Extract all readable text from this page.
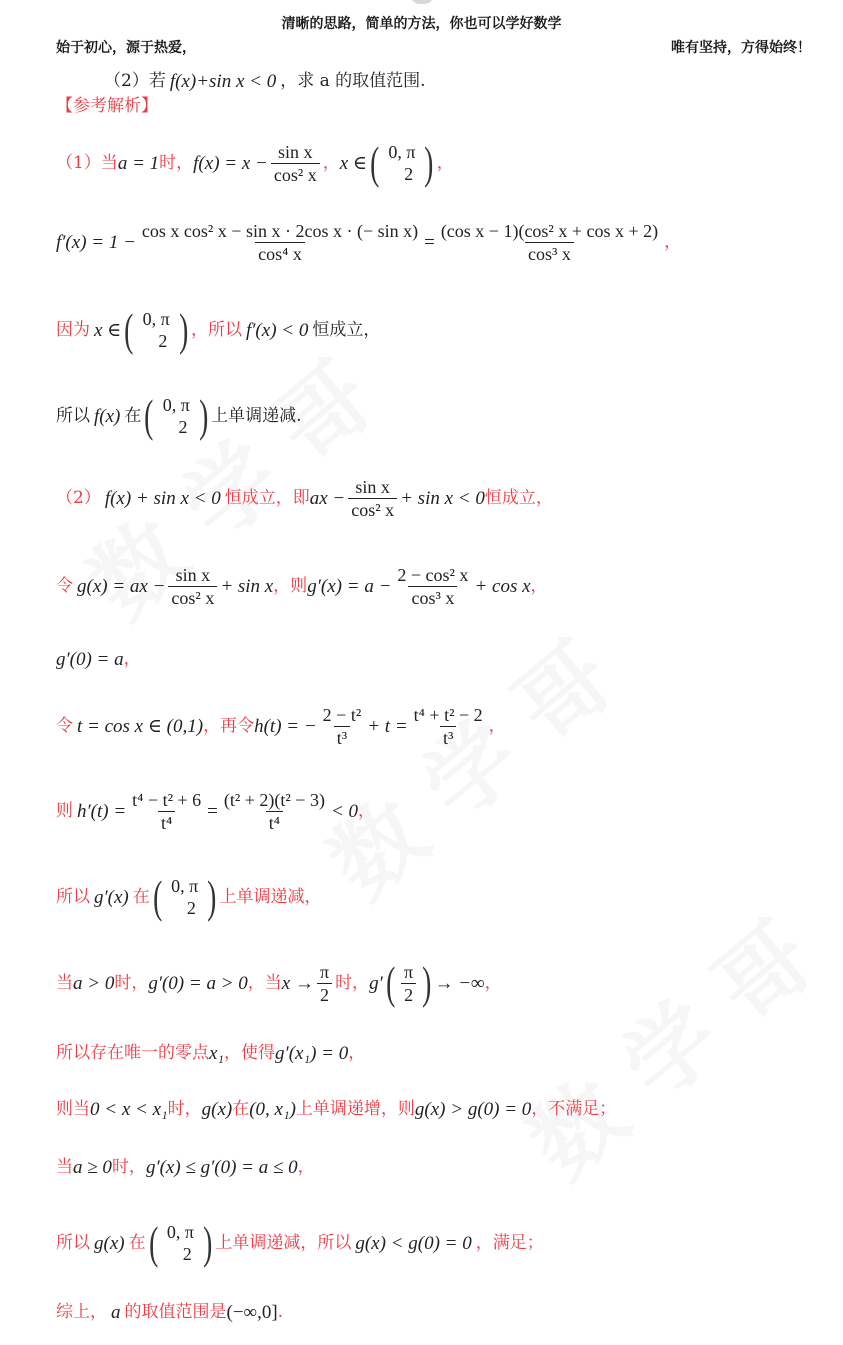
清晰的思路，简单的方法，你也可以学好数学
始于初心，源于热爱，	唯有坚持，方得始终！
（2）若 f(x)+sin x < 0 ，求 a 的取值范围.
【参考解析】
（1）当 a = 1 时， $f(x) = x - \frac{\text{sin x}}{\text{cos² x}}$ ， x ∈ ( 0, π
2 ) ，
$f'(x) = 1 - \frac{\text{cos x cos² x − sin x · 2cos x · (− sin x)}}{\text{cos⁴ x}} = \frac{\text{(cos x − 1)(cos² x + cos x + 2)}}{\text{cos³ x}}$ ，
因为 x ∈ ( 0, π
2 ) ，所以 f′(x) < 0 恒成立，
所以 f(x) 在 ( 0, π
2 ) 上单调递减.
（2） f(x) + sin x < 0 恒成立，即 ax − $\frac{\text{sin x}}{\text{cos² x}} + \sin x < 0$ 恒成立，
令 g(x) = ax − $\frac{\text{sin x}}{\text{cos² x}} + \sin x$ ，则 $g'(x) = a - \frac{\text{2 − cos² x}}{\text{cos³ x}} + \cos x$ ，
g′(0) = a ，
令 t = cos x ∈ (0,1) ，再令 h(t) = − $\frac{\text{2 − t²}}{\text{t³}} + t = \frac{\text{t⁴ + t² − 2}}{\text{t³}}$ ，
则 $h'(t) = \frac{\text{t⁴ − t² + 6}}{\text{t⁴}} = \frac{\text{(t² + 2)(t² − 3)}}{\text{t⁴}} < 0$ ，
所以 g′(x) 在 ( 0, π
2 ) 上单调递减，
当 a > 0 时， g′(0) = a > 0 ，当 $x \to \frac{\pi}{2}$ 时， g′ ( $\frac{\pi}{2}$ ) → −∞ ，
所以存在唯一的零点 x₁ ，使得 g′(x₁) = 0 ，
则当 0 < x < x₁ 时， g(x) 在 (0, x₁) 上单调递增，则 g(x) > g(0) = 0 ，不满足；
当 a ≥ 0 时， g′(x) ≤ g′(0) = a ≤ 0 ，
所以 g(x) 在 ( 0, π
2 ) 上单调递减，所以 g(x) < g(0) = 0 ，满足；
综上， a 的取值范围是 (−∞,0] .
